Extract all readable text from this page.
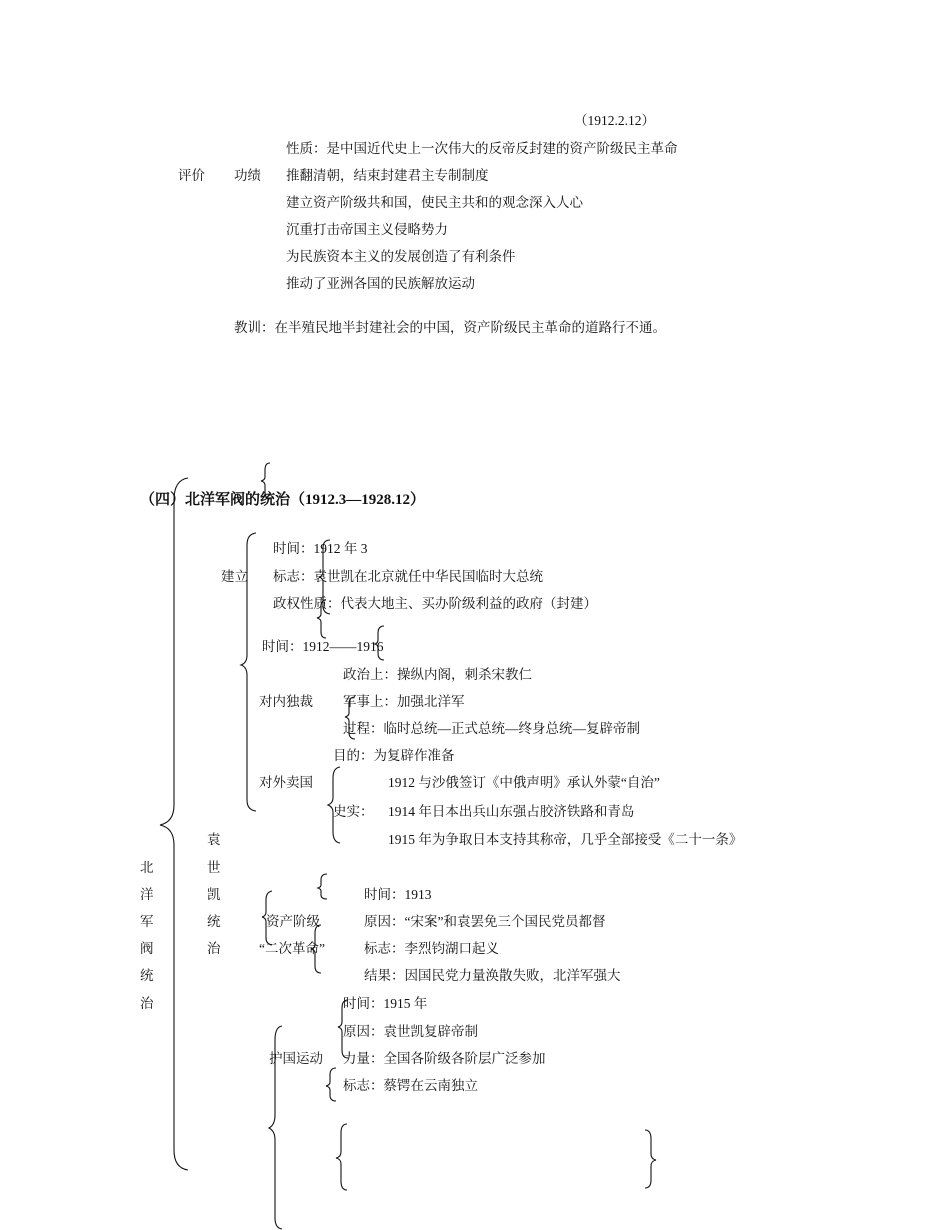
（1912.2.12）
性质：是中国近代史上一次伟大的反帝反封建的资产阶级民主革命
评价 功绩 推翻清朝，结束封建君主专制制度
建立资产阶级共和国，使民主共和的观念深入人心
沉重打击帝国主义侵略势力
为民族资本主义的发展创造了有利条件
推动了亚洲各国的民族解放运动
教训：在半殖民地半封建社会的中国，资产阶级民主革命的道路行不通。
（四）北洋军阀的统治（1912.3—1928.12）
北
洋
军
阀
统
治
袁
世
凯
统
治
建立
时间：1912 年 3
标志：袁世凯在北京就任中华民国临时大总统
政权性质：代表大地主、买办阶级利益的政府（封建）
时间：1912——1916
政治上：操纵内阁，刺杀宋教仁
对内独裁 军事上：加强北洋军
过程：临时总统—正式总统—终身总统—复辟帝制
目的：为复辟作准备
对外卖国
史实：
1912 与沙俄签订《中俄声明》承认外蒙“自治”
1914 年日本出兵山东强占胶济铁路和青岛
1915 年为争取日本支持其称帝，几乎全部接受《二十一条》
时间：1913
资产阶级	原因：“宋案”和袁罢免三个国民党员都督
“二次革命”	标志：李烈钧湖口起义
结果：因国民党力量涣散失败，北洋军强大
时间：1915 年
原因：袁世凯复辟帝制
护国运动 力量：全国各阶级各阶层广泛参加
标志：蔡锷在云南独立
